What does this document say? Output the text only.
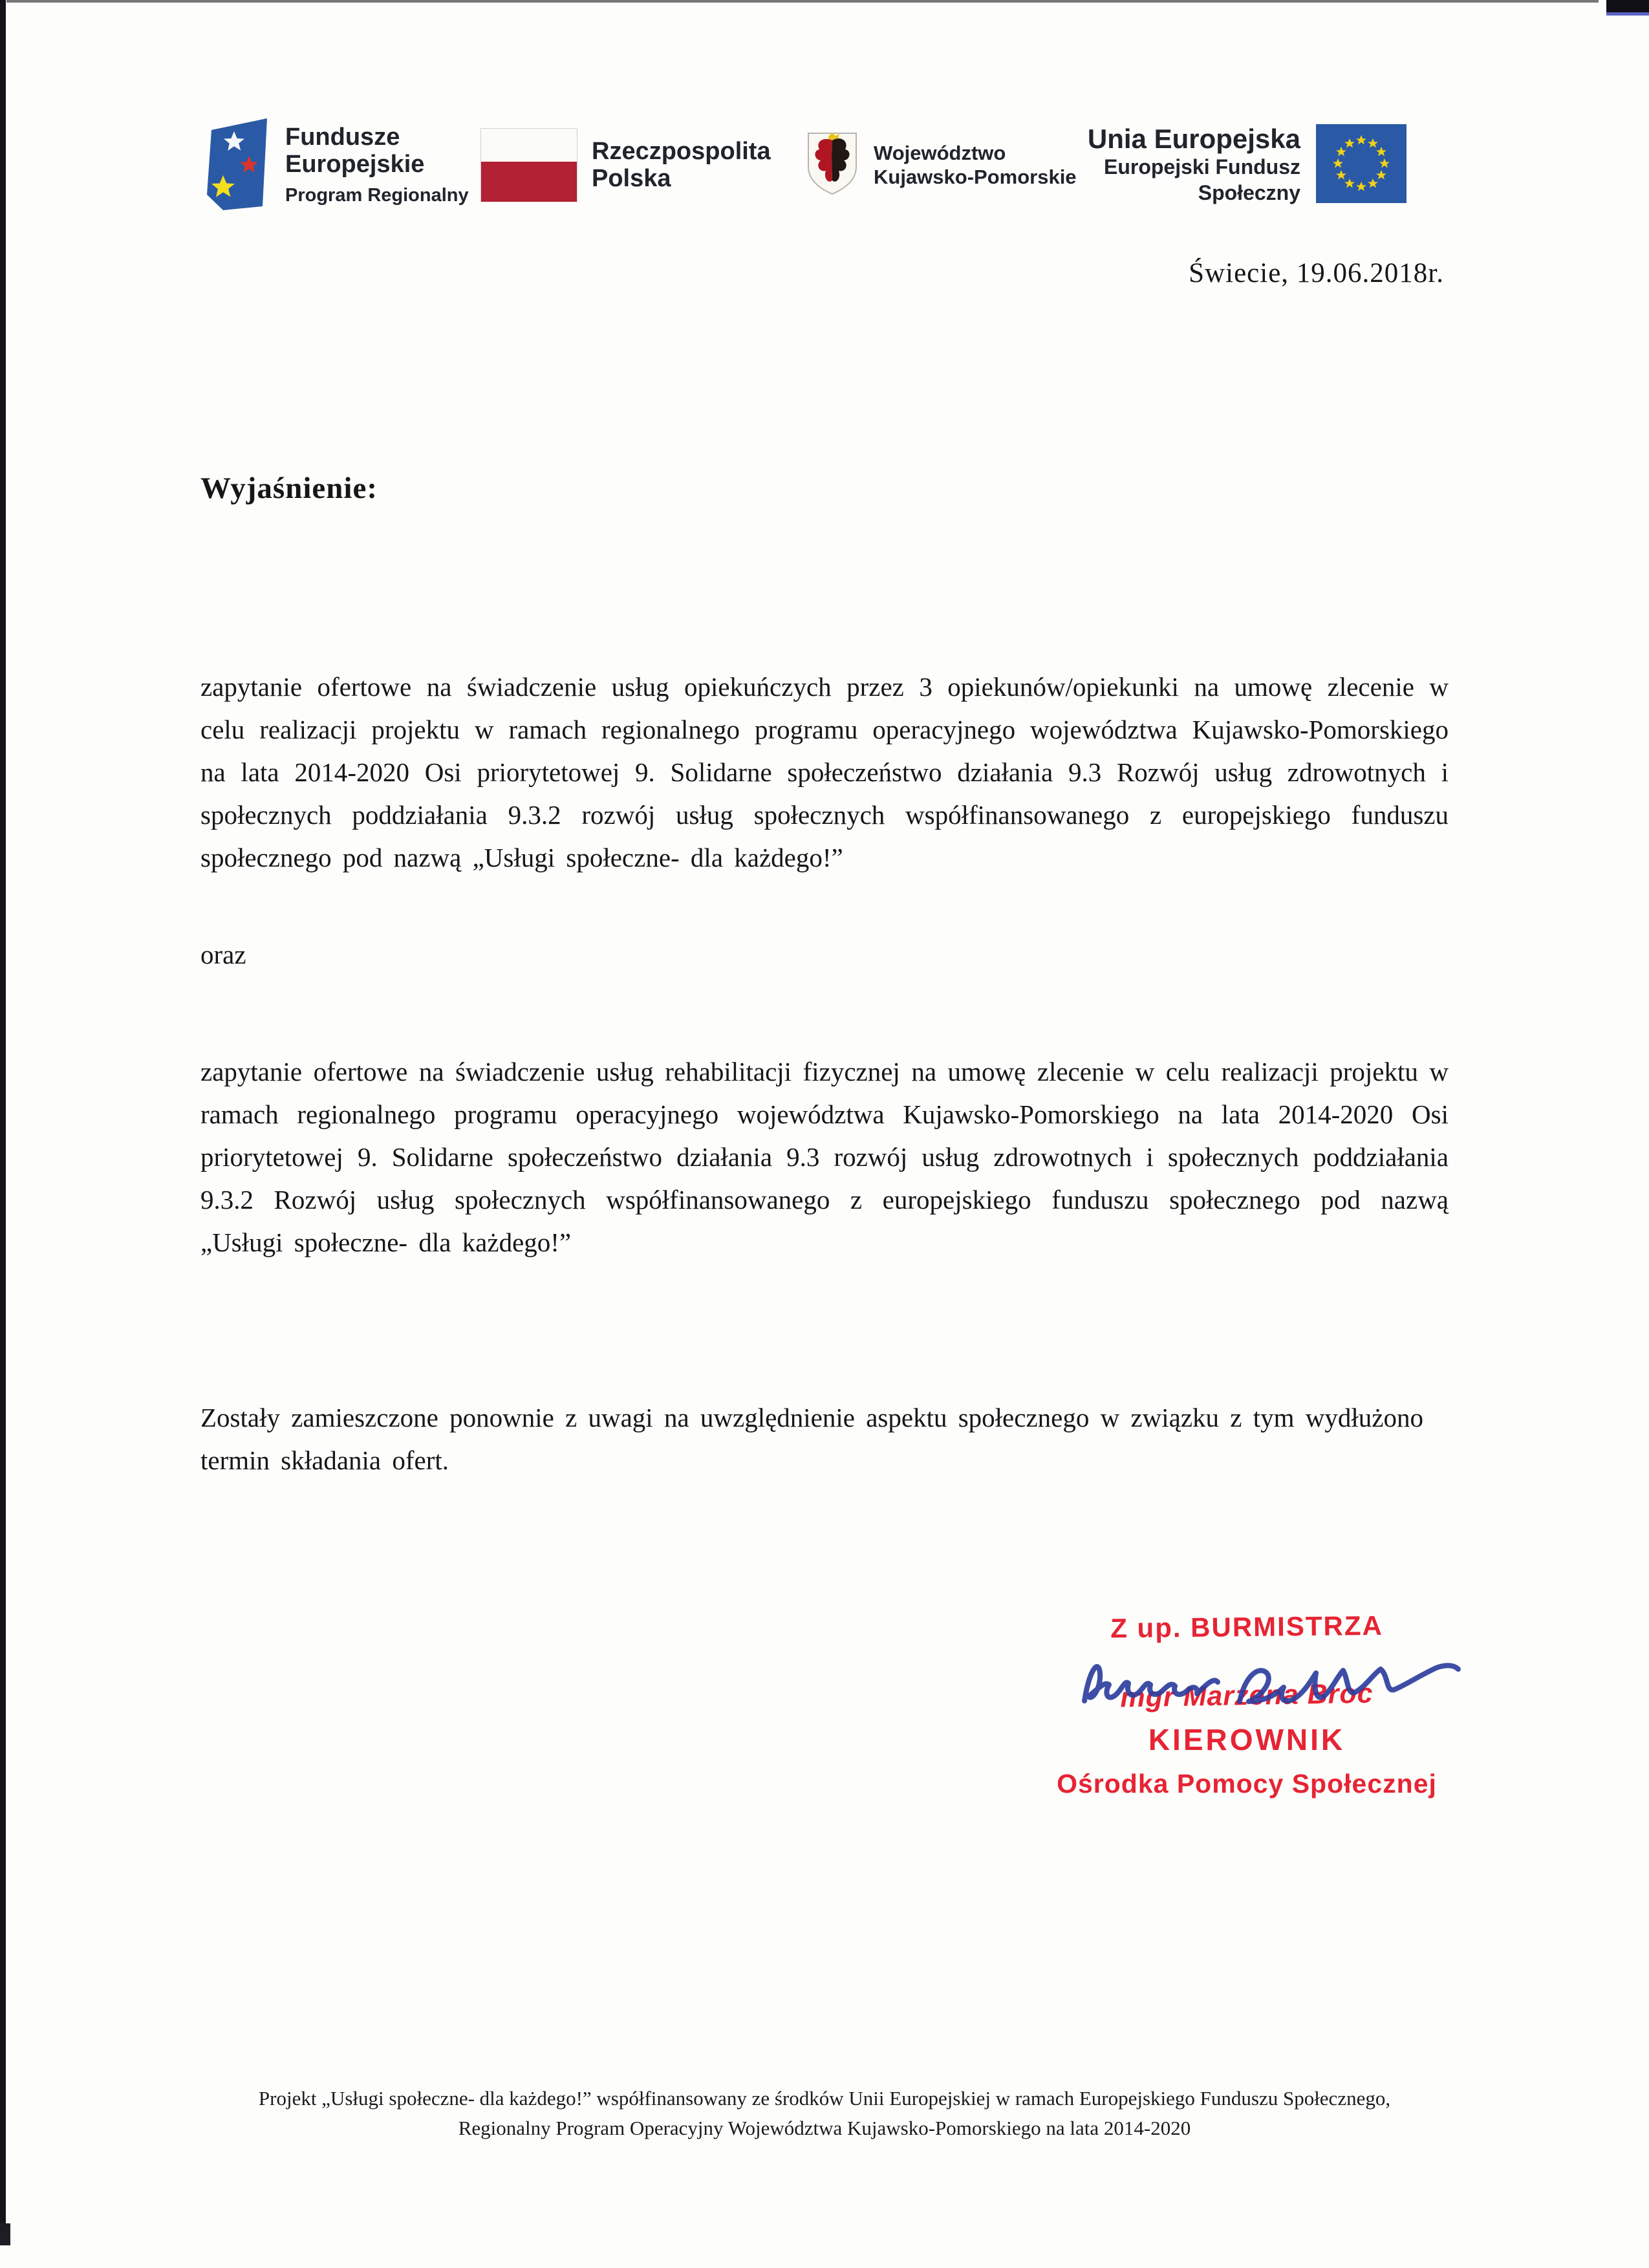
Fundusze
Europejskie
Program Regionalny
Rzeczpospolita
Polska
Województwo
Kujawsko-Pomorskie
Unia Europejska
Europejski Fundusz Społeczny
Świecie, 19.06.2018r.
Wyjaśnienie:

zapytanie ofertowe na świadczenie usług opiekuńczych przez 3 opiekunów/opiekunki na umowę zlecenie w celu realizacji projektu w ramach regionalnego programu operacyjnego województwa Kujawsko-Pomorskiego na lata 2014-2020 Osi priorytetowej 9. Solidarne społeczeństwo działania 9.3 Rozwój usług zdrowotnych i społecznych poddziałania 9.3.2 rozwój usług społecznych współfinansowanego z europejskiego funduszu społecznego pod nazwą „Usługi społeczne- dla każdego!”

oraz

zapytanie ofertowe na świadczenie usług rehabilitacji fizycznej na umowę zlecenie w celu realizacji projektu w ramach regionalnego programu operacyjnego województwa Kujawsko-Pomorskiego na lata 2014-2020 Osi priorytetowej 9. Solidarne społeczeństwo działania 9.3 rozwój usług zdrowotnych i społecznych poddziałania 9.3.2 Rozwój usług społecznych współfinansowanego z europejskiego funduszu społecznego pod nazwą „Usługi społeczne- dla każdego!”

Zostały zamieszczone ponownie z uwagi na uwzględnienie aspektu społecznego w związku z tym wydłużono termin składania ofert.

Z up. BURMISTRZA
mgr Marzena Broc
KIEROWNIK
Ośrodka Pomocy Społecznej
Projekt „Usługi społeczne- dla każdego!” współfinansowany ze środków Unii Europejskiej w ramach Europejskiego Funduszu Społecznego,
Regionalny Program Operacyjny Województwa Kujawsko-Pomorskiego na lata 2014-2020
